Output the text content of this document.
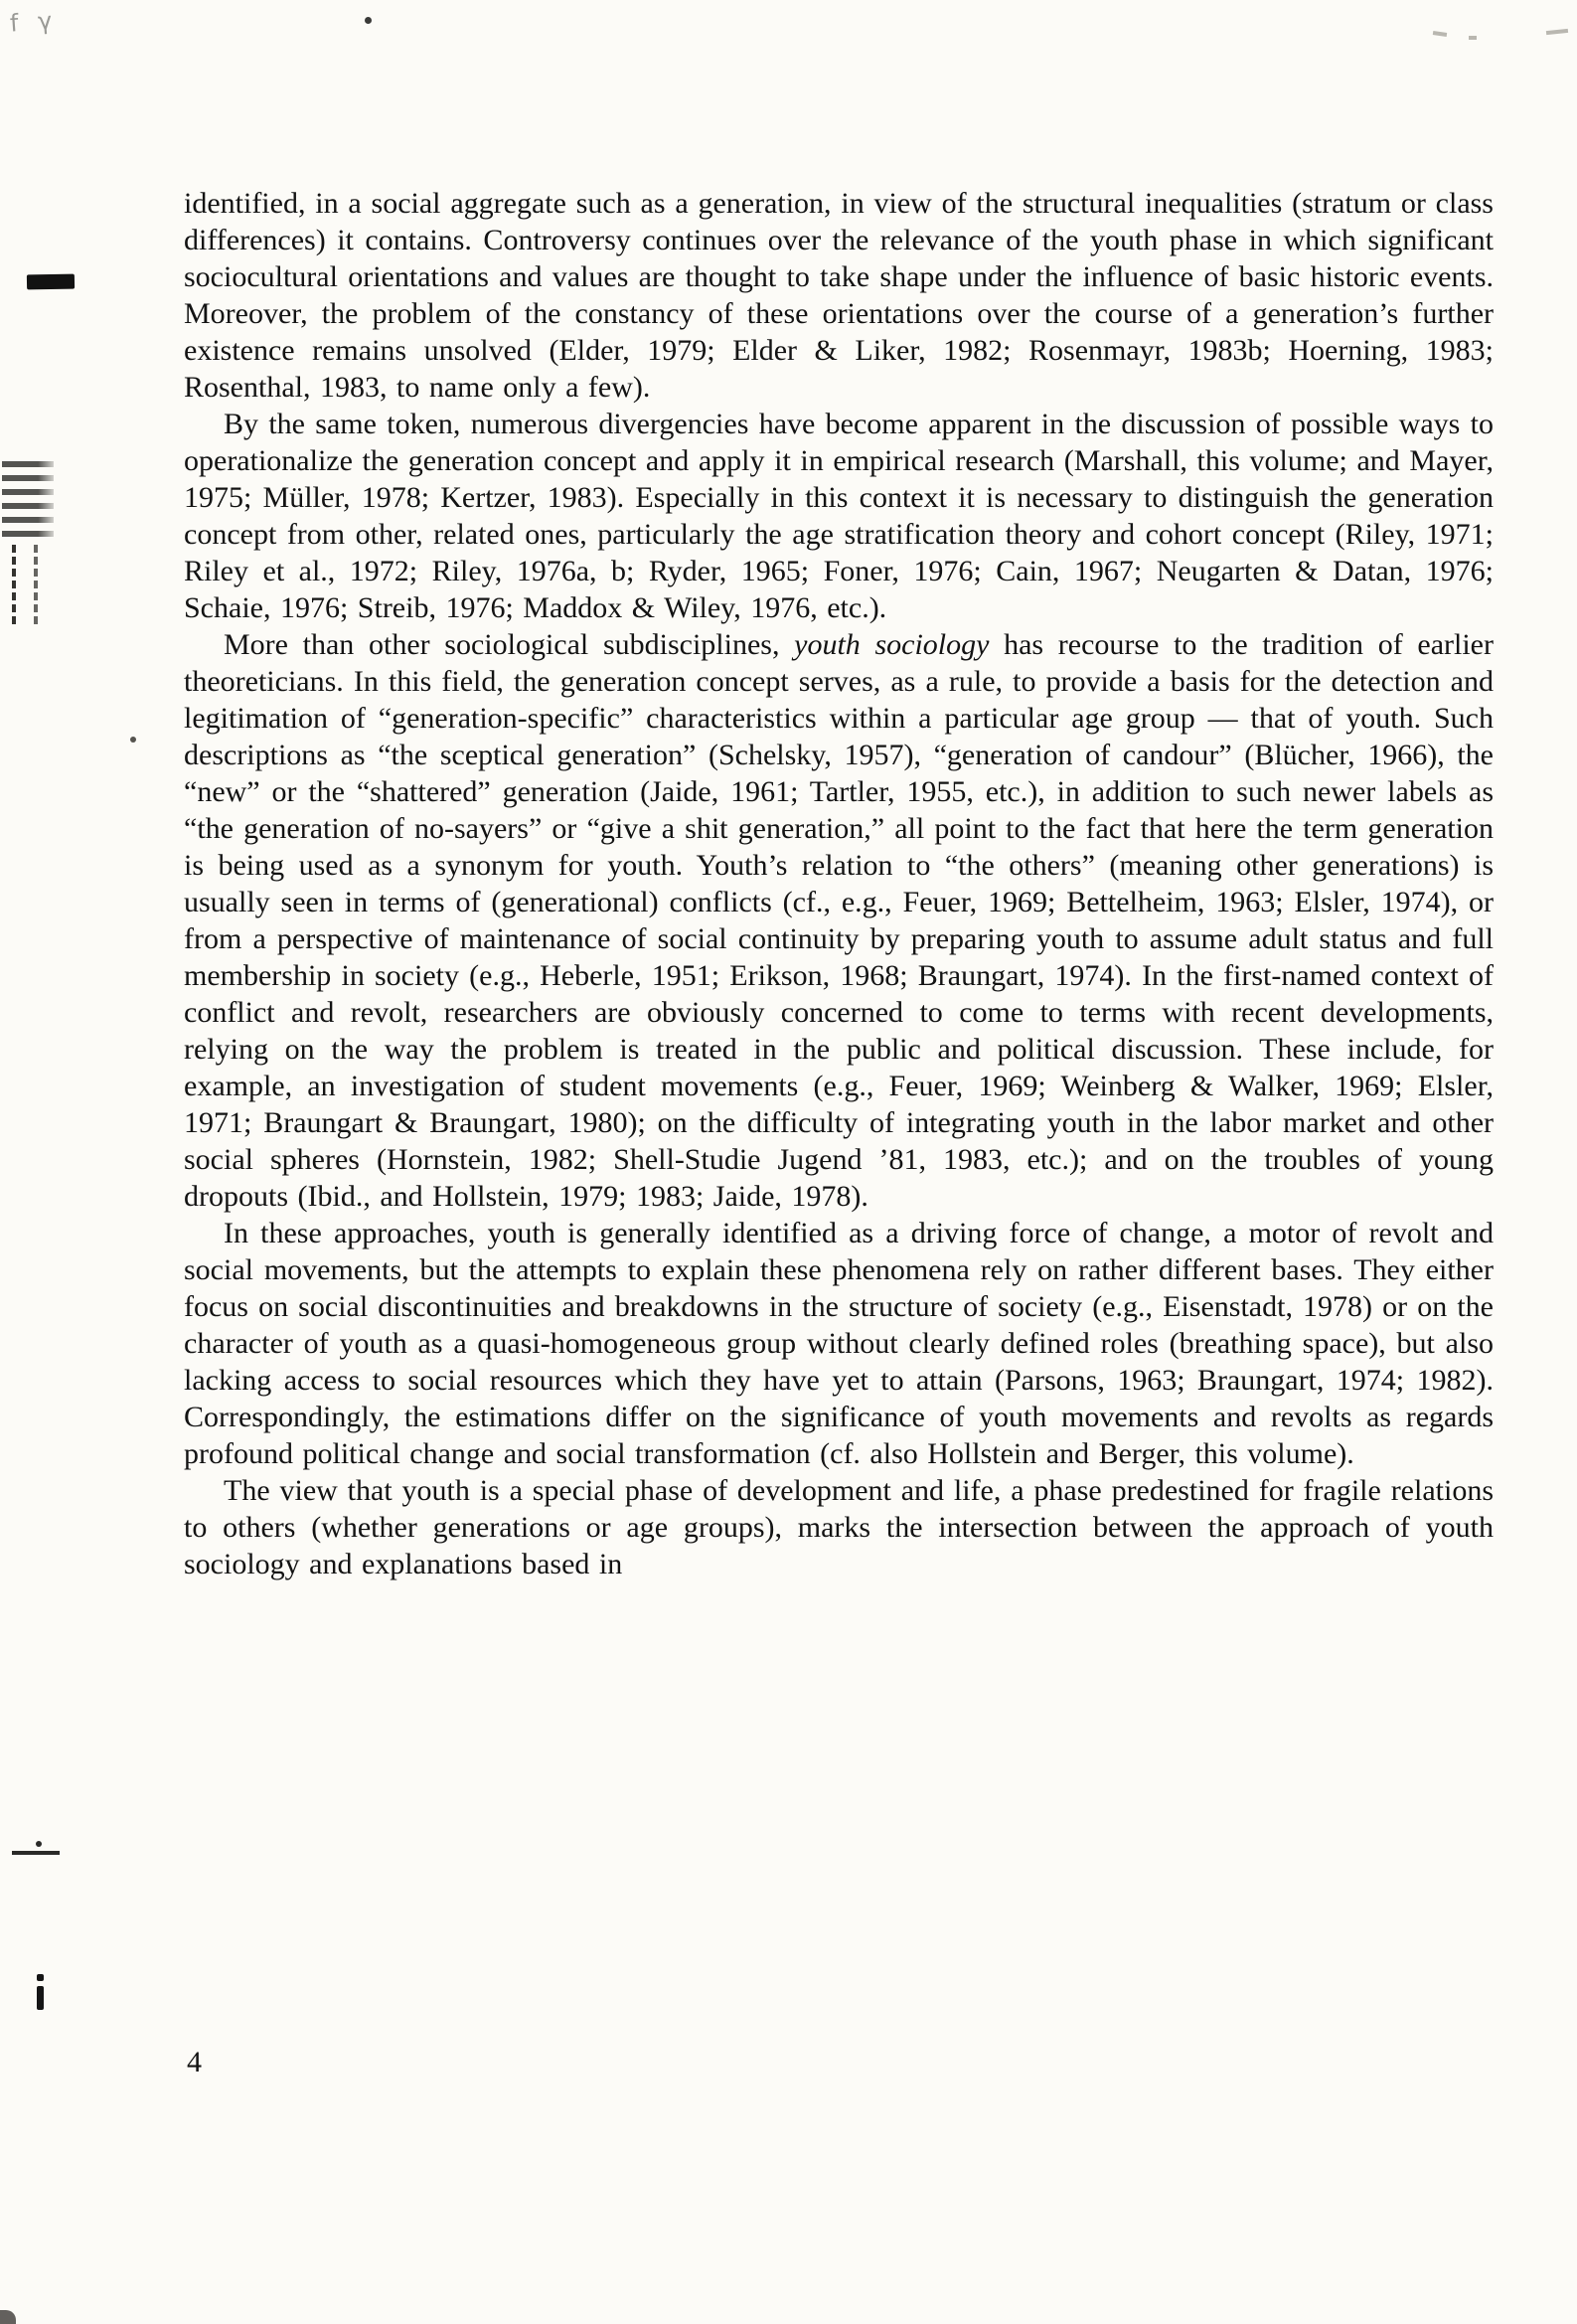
f γ

identified, in a social aggregate such as a generation, in view of the structural inequalities (stratum or class differences) it contains. Controversy continues over the relevance of the youth phase in which significant sociocultural orientations and values are thought to take shape under the influence of basic historic events. Moreover, the problem of the constancy of these orientations over the course of a generation’s further existence remains unsolved (Elder, 1979; Elder & Liker, 1982; Rosenmayr, 1983b; Hoerning, 1983; Rosenthal, 1983, to name only a few).

By the same token, numerous divergencies have become apparent in the discussion of possible ways to operationalize the generation concept and apply it in empirical research (Marshall, this volume; and Mayer, 1975; Müller, 1978; Kertzer, 1983). Especially in this context it is necessary to distinguish the generation concept from other, related ones, particularly the age stratification theory and cohort concept (Riley, 1971; Riley et al., 1972; Riley, 1976a, b; Ryder, 1965; Foner, 1976; Cain, 1967; Neugarten & Datan, 1976; Schaie, 1976; Streib, 1976; Maddox & Wiley, 1976, etc.).

More than other sociological subdisciplines, youth sociology has recourse to the tradition of earlier theoreticians. In this field, the generation concept serves, as a rule, to provide a basis for the detection and legitimation of “generation-specific” characteristics within a particular age group — that of youth. Such descriptions as “the sceptical generation” (Schelsky, 1957), “generation of candour” (Blücher, 1966), the “new” or the “shattered” generation (Jaide, 1961; Tartler, 1955, etc.), in addition to such newer labels as “the generation of no-sayers” or “give a shit generation,” all point to the fact that here the term generation is being used as a synonym for youth. Youth’s relation to “the others” (meaning other generations) is usually seen in terms of (generational) conflicts (cf., e.g., Feuer, 1969; Bettelheim, 1963; Elsler, 1974), or from a perspective of maintenance of social continuity by preparing youth to assume adult status and full membership in society (e.g., Heberle, 1951; Erikson, 1968; Braungart, 1974). In the first-named context of conflict and revolt, researchers are obviously concerned to come to terms with recent developments, relying on the way the problem is treated in the public and political discussion. These include, for example, an investigation of student movements (e.g., Feuer, 1969; Weinberg & Walker, 1969; Elsler, 1971; Braungart & Braungart, 1980); on the difficulty of integrating youth in the labor market and other social spheres (Hornstein, 1982; Shell-Studie Jugend ’81, 1983, etc.); and on the troubles of young dropouts (Ibid., and Hollstein, 1979; 1983; Jaide, 1978).

In these approaches, youth is generally identified as a driving force of change, a motor of revolt and social movements, but the attempts to explain these phenomena rely on rather different bases. They either focus on social discontinuities and breakdowns in the structure of society (e.g., Eisenstadt, 1978) or on the character of youth as a quasi-homogeneous group without clearly defined roles (breathing space), but also lacking access to social resources which they have yet to attain (Parsons, 1963; Braungart, 1974; 1982). Correspondingly, the estimations differ on the significance of youth movements and revolts as regards profound political change and social transformation (cf. also Hollstein and Berger, this volume).

The view that youth is a special phase of development and life, a phase predestined for fragile relations to others (whether generations or age groups), marks the intersection between the approach of youth sociology and explanations based in

4
